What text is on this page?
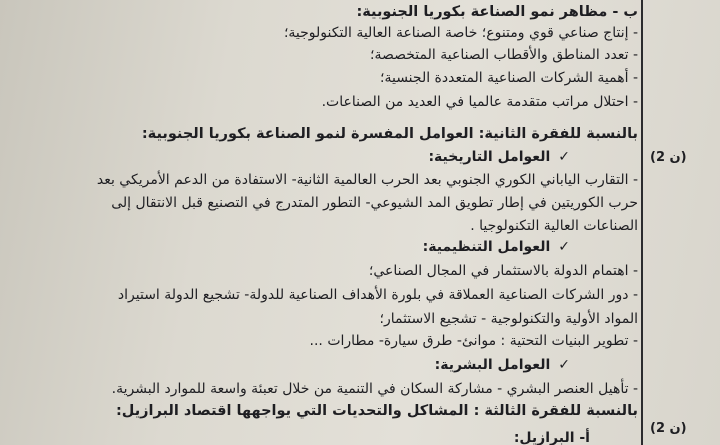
(2 ن)
(2 ن)
ب - مظاهر نمو الصناعة بكوريا الجنوبية:
- إنتاج صناعي قوي ومتنوع؛ خاصة الصناعة العالية التكنولوجية؛
- تعدد المناطق والأقطاب الصناعية المتخصصة؛
- أهمية الشركات الصناعية المتعددة الجنسية؛
- احتلال مراتب متقدمة عالميا في العديد من الصناعات.
بالنسبة للفقرة الثانية: العوامل المفسرة لنمو الصناعة بكوريا الجنوبية:
✓العوامل التاريخية:
- التقارب الياباني الكوري الجنوبي بعد الحرب العالمية الثانية- الاستفادة من الدعم الأمريكي بعد
حرب الكوريتين في إطار تطويق المد الشيوعي- التطور المتدرج في التصنيع قبل الانتقال إلى
الصناعات العالية التكنولوجيا .
✓العوامل التنظيمية:
- اهتمام الدولة بالاستثمار في المجال الصناعي؛
- دور الشركات الصناعية العملاقة في بلورة الأهداف الصناعية للدولة- تشجيع الدولة استيراد
المواد الأولية والتكنولوجية - تشجيع الاستثمار؛
- تطوير البنيات التحتية : موانئ- طرق سيارة- مطارات ...
✓العوامل البشرية:
- تأهيل العنصر البشري - مشاركة السكان في التنمية من خلال تعبئة واسعة للموارد البشرية.
بالنسبة للفقرة الثالثة : المشاكل والتحديات التي يواجهها اقتصاد البرازيل:
أ- البرازيل:
